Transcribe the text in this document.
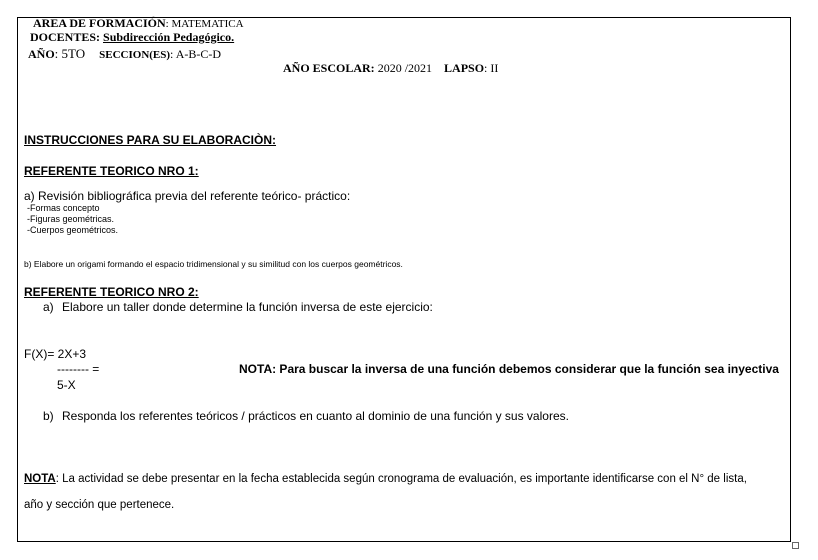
AREA DE FORMACIÓN: MATEMATICA
DOCENTES: Subdirección Pedagógico.
AÑO: 5TO SECCION(ES): A-B-C-D
AÑO ESCOLAR: 2020 /2021 LAPSO: II
INSTRUCCIONES PARA SU ELABORACIÒN:
REFERENTE TEORICO NRO 1:
a) Revisión bibliográfica previa del referente teórico- práctico:
-Formas concepto
-Figuras geométricas.
-Cuerpos geométricos.
b) Elabore un origami formando el espacio tridimensional y su similitud con los cuerpos geométricos.
REFERENTE TEORICO NRO 2:
a) Elabore un taller donde determine la función inversa de este ejercicio:
F(X)= 2X+3
-------- =
5-X
NOTA: Para buscar la inversa de una función debemos considerar que la función sea inyectiva
b) Responda los referentes teóricos / prácticos en cuanto al dominio de una función y sus valores.
NOTA: La actividad se debe presentar en la fecha establecida según cronograma de evaluación, es importante identificarse con el N° de lista,
año y sección que pertenece.
